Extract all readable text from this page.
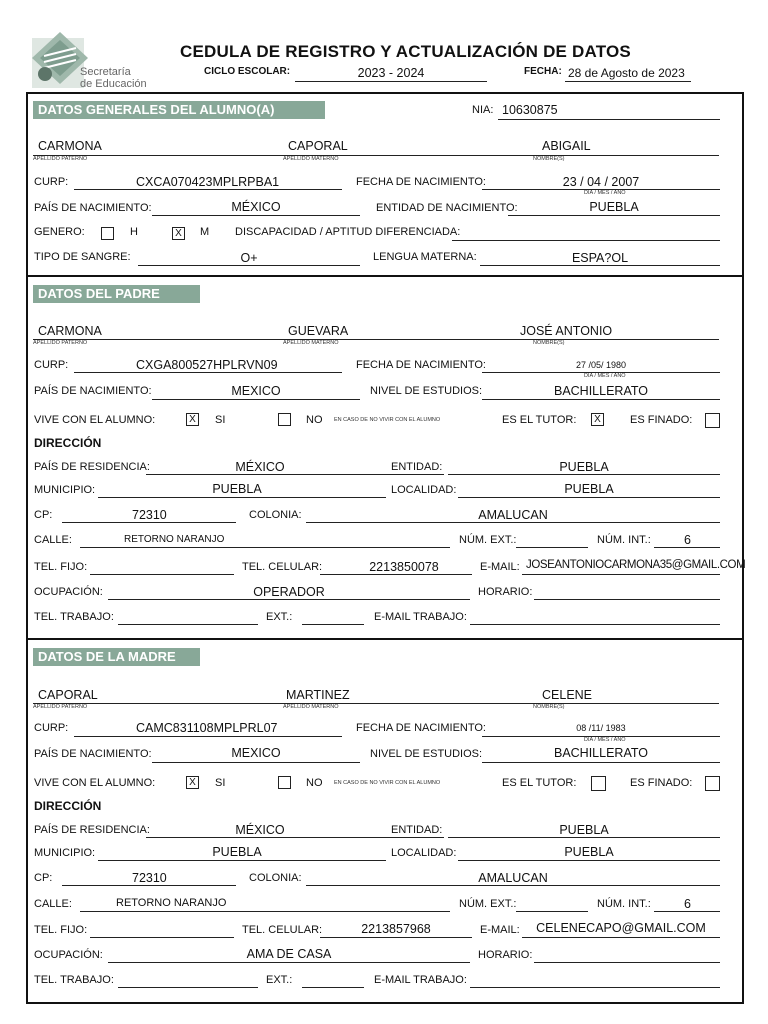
Secretaría
de Educación
CEDULA DE REGISTRO Y ACTUALIZACIÓN DE DATOS
CICLO ESCOLAR:	2023 - 2024	FECHA: 28 de Agosto de 2023
DATOS GENERALES DEL ALUMNO(A)	NIA: 10630875
CARMONA	CAPORAL	ABIGAIL
APELLIDO PATERNO	APELLIDO MATERNO	NOMBRE(S)
CURP:	CXCA070423MPLRPBA1	FECHA DE NACIMIENTO:	23 / 04 / 2007
DIA / MES / AÑO
PAÍS DE NACIMIENTO:	MÉXICO	ENTIDAD DE NACIMIENTO:	PUEBLA
GENERO:	H	X M DISCAPACIDAD / APTITUD DIFERENCIADA:
TIPO DE SANGRE:	O+	LENGUA MATERNA:	ESPA?OL
DATOS DEL PADRE
CARMONA	GUEVARA	JOSÉ ANTONIO
APELLIDO PATERNO	APELLIDO MATERNO	NOMBRE(S)
CURP:	CXGA800527HPLRVN09	FECHA DE NACIMIENTO:	27 /05/ 1980
DIA / MES / AÑO
PAÍS DE NACIMIENTO:	MEXICO	NIVEL DE ESTUDIOS:	BACHILLERATO
VIVE CON EL ALUMNO:	X SI	NO EN CASO DE NO VIVIR CON EL ALUMNO	ES EL TUTOR:	X	ES FINADO:
DIRECCIÓN
PAÍS DE RESIDENCIA:	MÉXICO	ENTIDAD:	PUEBLA
MUNICIPIO:	PUEBLA	LOCALIDAD:	PUEBLA
CP:	72310	COLONIA:	AMALUCAN
CALLE:	RETORNO NARANJO	NÚM. EXT.:	NÚM. INT.:	6
TEL. FIJO:	TEL. CELULAR:	2213850078	E-MAIL: JOSEANTONIOCARMONA35@GMAIL.COM
OCUPACIÓN:	OPERADOR	HORARIO:
TEL. TRABAJO:	EXT.:	E-MAIL TRABAJO:
DATOS DE LA MADRE
CAPORAL	MARTINEZ	CELENE
APELLIDO PATERNO	APELLIDO MATERNO	NOMBRE(S)
CURP:	CAMC831108MPLPRL07	FECHA DE NACIMIENTO:	08 /11/ 1983
DIA / MES / AÑO
PAÍS DE NACIMIENTO:	MEXICO	NIVEL DE ESTUDIOS:	BACHILLERATO
VIVE CON EL ALUMNO:	X SI	NO EN CASO DE NO VIVIR CON EL ALUMNO	ES EL TUTOR:	ES FINADO:
DIRECCIÓN
PAÍS DE RESIDENCIA:	MÉXICO	ENTIDAD:	PUEBLA
MUNICIPIO:	PUEBLA	LOCALIDAD:	PUEBLA
CP:	72310	COLONIA:	AMALUCAN
CALLE:	RETORNO NARANJO	NÚM. EXT.:	NÚM. INT.:	6
TEL. FIJO:	TEL. CELULAR:	2213857968	E-MAIL:	CELENECAPO@GMAIL.COM
OCUPACIÓN:	AMA DE CASA	HORARIO:
TEL. TRABAJO:	EXT.:	E-MAIL TRABAJO:
